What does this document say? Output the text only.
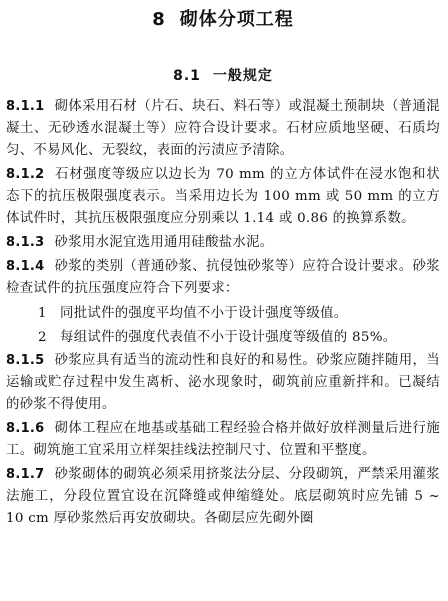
8 砌体分项工程
8.1 一般规定

8.1.1 砌体采用石材（片石、块石、料石等）或混凝土预制块（普通混凝土、无砂透水混凝土等）应符合设计要求。石材应质地坚硬、石质均匀、不易风化、无裂纹，表面的污渍应予清除。

8.1.2 石材强度等级应以边长为 70 mm 的立方体试件在浸水饱和状态下的抗压极限强度表示。当采用边长为 100 mm 或 50 mm 的立方体试件时，其抗压极限强度应分别乘以 1.14 或 0.86 的换算系数。

8.1.3 砂浆用水泥宜选用通用硅酸盐水泥。

8.1.4 砂浆的类别（普通砂浆、抗侵蚀砂浆等）应符合设计要求。砂浆检查试件的抗压强度应符合下列要求：

1 同批试件的强度平均值不小于设计强度等级值。
2 每组试件的强度代表值不小于设计强度等级值的 85%。

8.1.5 砂浆应具有适当的流动性和良好的和易性。砂浆应随拌随用，当运输或贮存过程中发生离析、泌水现象时，砌筑前应重新拌和。已凝结的砂浆不得使用。

8.1.6 砌体工程应在地基或基础工程经验合格并做好放样测量后进行施工。砌筑施工宜采用立样架挂线法控制尺寸、位置和平整度。

8.1.7 砂浆砌体的砌筑必须采用挤浆法分层、分段砌筑，严禁采用灌浆法施工，分段位置宜设在沉降缝或伸缩缝处。底层砌筑时应先铺 5 ~ 10 cm 厚砂浆然后再安放砌块。各砌层应先砌外圈
